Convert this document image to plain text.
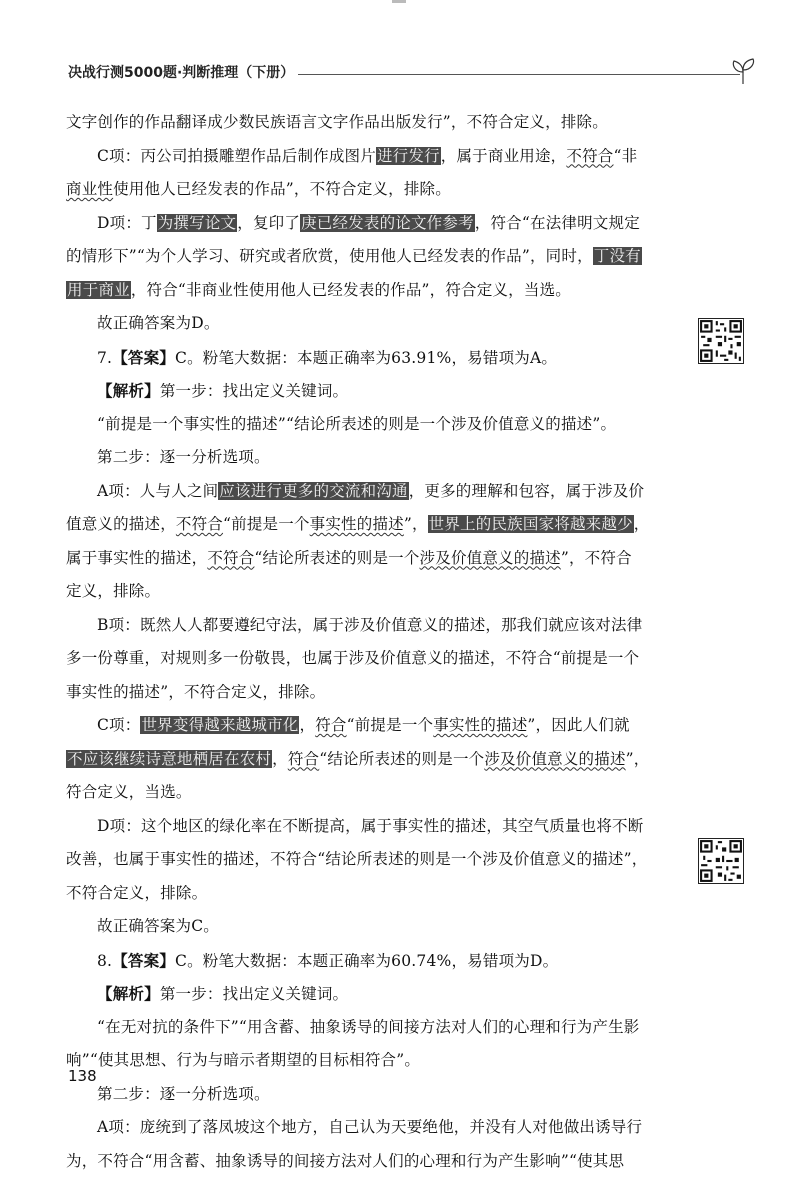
决战行测5000题·判断推理（下册）
文字创作的作品翻译成少数民族语言文字作品出版发行”，不符合定义，排除。
C项：丙公司拍摄雕塑作品后制作成图片进行发行，属于商业用途，不符合“非
商业性使用他人已经发表的作品”，不符合定义，排除。
D项：丁为撰写论文，复印了庚已经发表的论文作参考，符合“在法律明文规定
的情形下”“为个人学习、研究或者欣赏，使用他人已经发表的作品”，同时，丁没有
用于商业，符合“非商业性使用他人已经发表的作品”，符合定义，当选。
故正确答案为D。
7.【答案】C。粉笔大数据：本题正确率为63.91%，易错项为A。
【解析】第一步：找出定义关键词。
“前提是一个事实性的描述”“结论所表述的则是一个涉及价值意义的描述”。
第二步：逐一分析选项。
A项：人与人之间应该进行更多的交流和沟通，更多的理解和包容，属于涉及价
值意义的描述，不符合“前提是一个事实性的描述”，世界上的民族国家将越来越少，
属于事实性的描述，不符合“结论所表述的则是一个涉及价值意义的描述”，不符合
定义，排除。
B项：既然人人都要遵纪守法，属于涉及价值意义的描述，那我们就应该对法律
多一份尊重，对规则多一份敬畏，也属于涉及价值意义的描述，不符合“前提是一个
事实性的描述”，不符合定义，排除。
C项：世界变得越来越城市化，符合“前提是一个事实性的描述”，因此人们就
不应该继续诗意地栖居在农村，符合“结论所表述的则是一个涉及价值意义的描述”，
符合定义，当选。
D项：这个地区的绿化率在不断提高，属于事实性的描述，其空气质量也将不断
改善，也属于事实性的描述，不符合“结论所表述的则是一个涉及价值意义的描述”，
不符合定义，排除。
故正确答案为C。
8.【答案】C。粉笔大数据：本题正确率为60.74%，易错项为D。
【解析】第一步：找出定义关键词。
“在无对抗的条件下”“用含蓄、抽象诱导的间接方法对人们的心理和行为产生影
响”“使其思想、行为与暗示者期望的目标相符合”。
第二步：逐一分析选项。
A项：庞统到了落凤坡这个地方，自己认为天要绝他，并没有人对他做出诱导行
为，不符合“用含蓄、抽象诱导的间接方法对人们的心理和行为产生影响”“使其思
138
